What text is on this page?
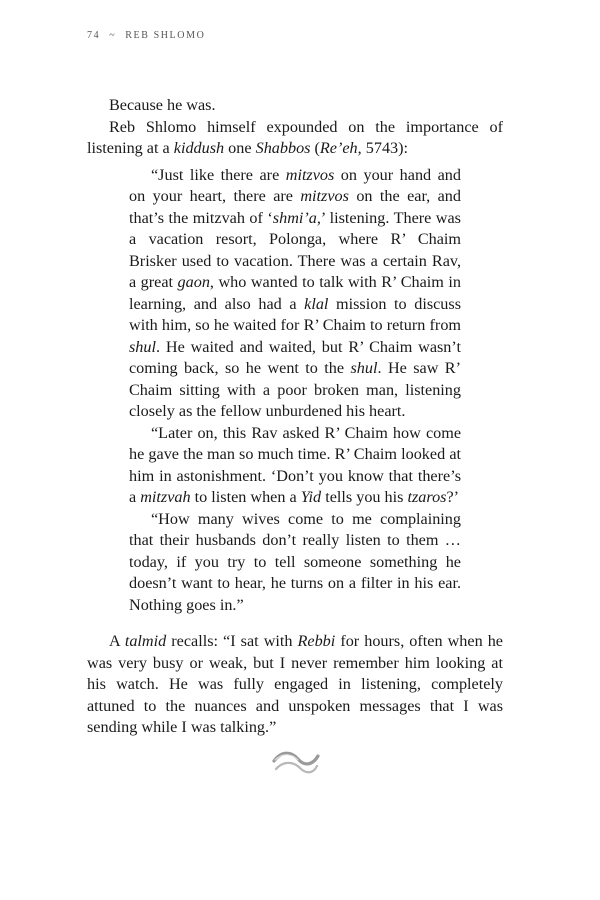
74 ~ REB SHLOMO

Because he was.

Reb Shlomo himself expounded on the importance of listening at a kiddush one Shabbos (Re’eh, 5743):

“Just like there are mitzvos on your hand and on your heart, there are mitzvos on the ear, and that’s the mitzvah of ‘shmi’a,’ listening. There was a vacation resort, Polonga, where R’ Chaim Brisker used to vacation. There was a certain Rav, a great gaon, who wanted to talk with R’ Chaim in learning, and also had a klal mission to discuss with him, so he waited for R’ Chaim to return from shul. He waited and waited, but R’ Chaim wasn’t coming back, so he went to the shul. He saw R’ Chaim sitting with a poor broken man, listening closely as the fellow unburdened his heart.

“Later on, this Rav asked R’ Chaim how come he gave the man so much time. R’ Chaim looked at him in astonishment. ‘Don’t you know that there’s a mitzvah to listen when a Yid tells you his tzaros?’

“How many wives come to me complaining that their husbands don’t really listen to them … today, if you try to tell someone something he doesn’t want to hear, he turns on a filter in his ear. Nothing goes in.”

A talmid recalls: “I sat with Rebbi for hours, often when he was very busy or weak, but I never remember him looking at his watch. He was fully engaged in listening, completely attuned to the nuances and unspoken messages that I was sending while I was talking.”
